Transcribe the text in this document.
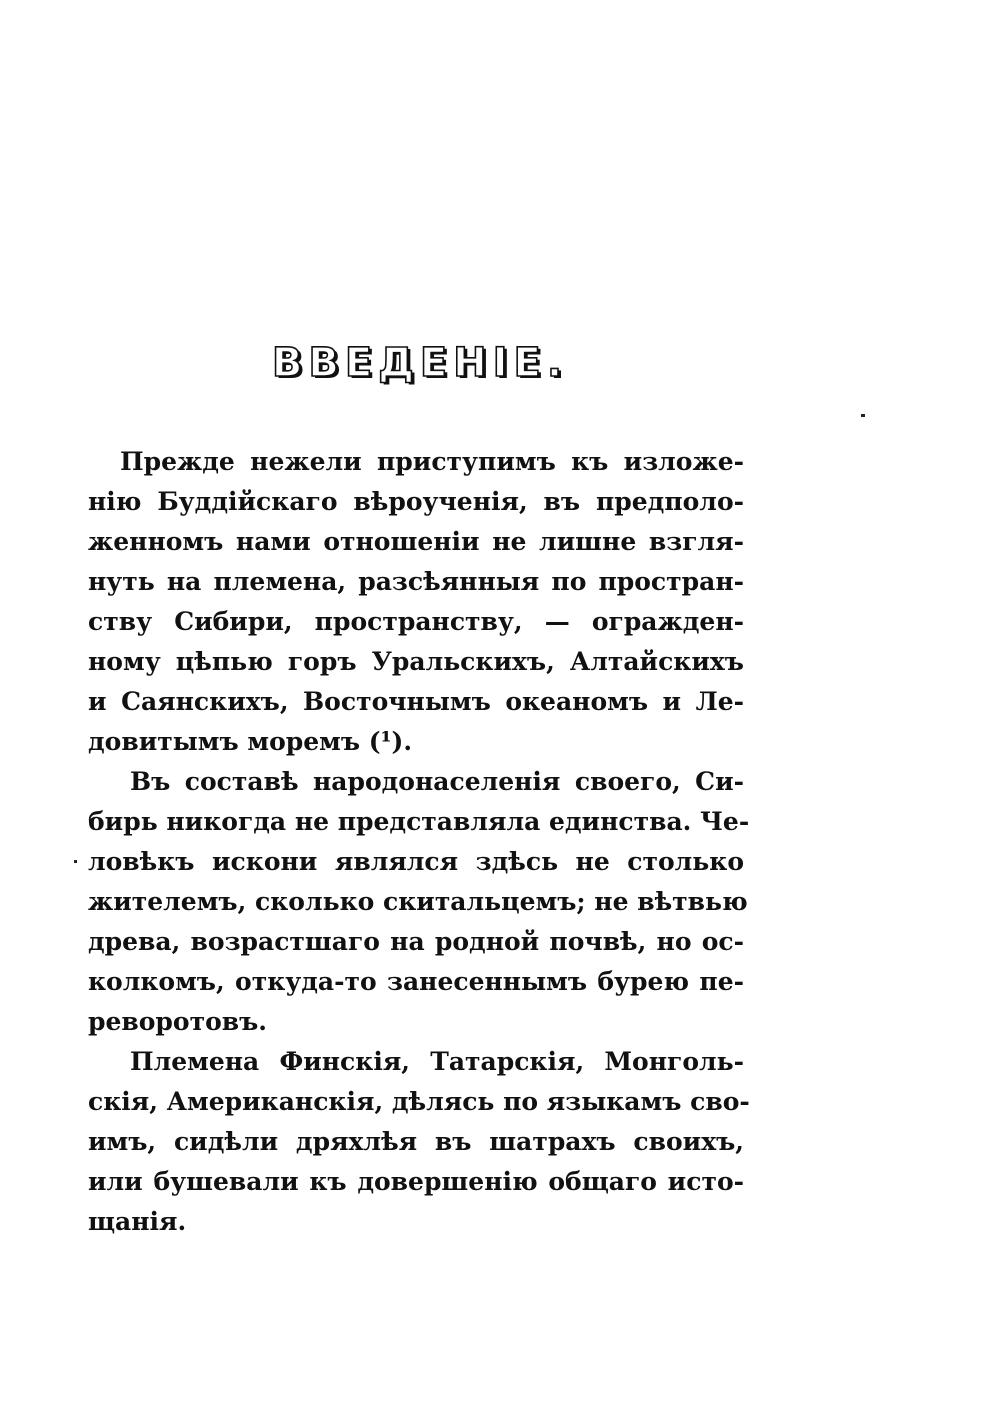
ВВЕДЕНІЕ.
Прежде нежели приступимъ къ изложе-
нію Буддійскаго вѣроученія, въ предполо-
женномъ нами отношеніи не лишне взгля-
нуть на племена, разсѣянныя по простран-
ству Сибири, пространству, — огражден-
ному цѣпью горъ Уральскихъ, Алтайскихъ
и Саянскихъ, Восточнымъ океаномъ и Ле-
довитымъ моремъ (¹).
Въ составѣ народонаселенія своего, Си-
бирь никогда не представляла единства. Че-
ловѣкъ искони являлся здѣсь не столько
жителемъ, сколько скитальцемъ; не вѣтвью
древа, возрастшаго на родной почвѣ, но ос-
колкомъ, откуда-то занесеннымъ бурею пе-
реворотовъ.
Племена Финскія, Татарскія, Монголь-
скія, Американскія, дѣлясь по языкамъ сво-
имъ, сидѣли дряхлѣя въ шатрахъ своихъ,
или бушевали къ довершенію общаго исто-
щанія.
